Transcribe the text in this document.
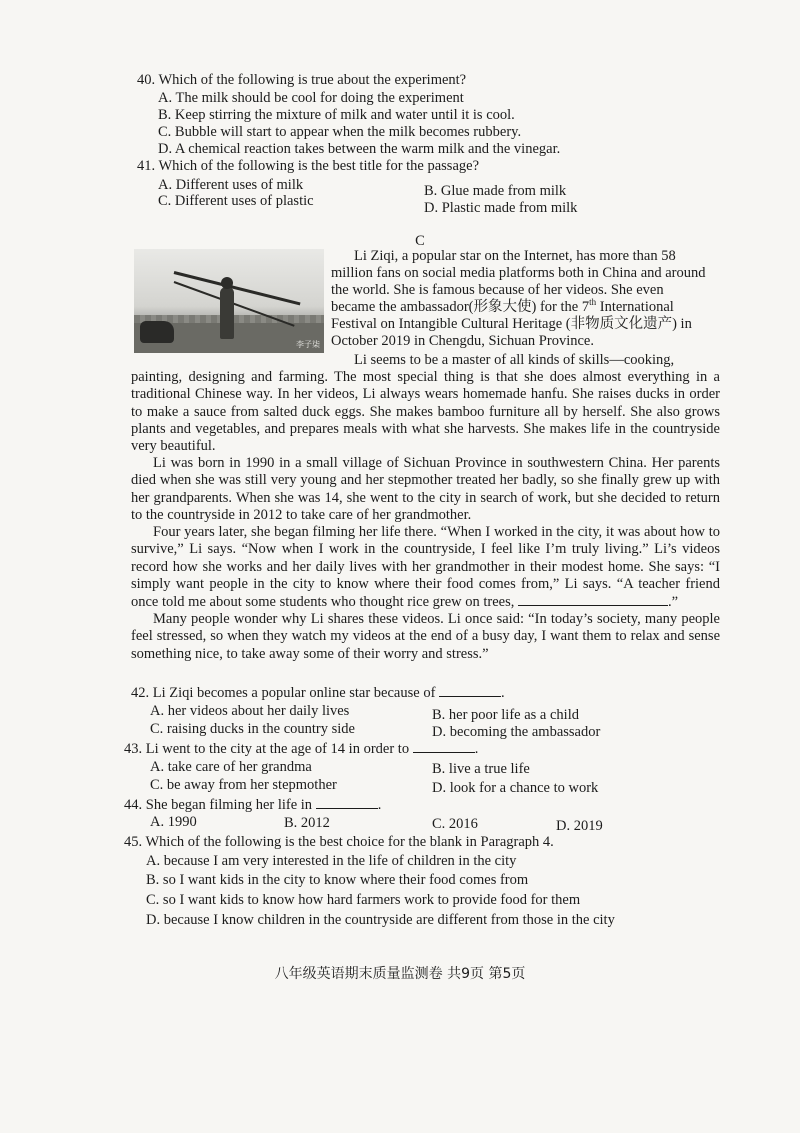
40. Which of the following is true about the experiment?
A. The milk should be cool for doing the experiment
B. Keep stirring the mixture of milk and water until it is cool.
C. Bubble will start to appear when the milk becomes rubbery.
D. A chemical reaction takes between the warm milk and the vinegar.
41. Which of the following is the best title for the passage?
A. Different uses of milk	B. Glue made from milk
C. Different uses of plastic	D. Plastic made from milk
C
李子柒
Li Ziqi, a popular star on the Internet, has more than 58
million fans on social media platforms both in China and around
the world. She is famous because of her videos. She even
became the ambassador(形象大使) for the 7th International
Festival on Intangible Cultural Heritage (非物质文化遗产) in
October 2019 in Chengdu, Sichuan Province.
Li seems to be a master of all kinds of skills—cooking,

painting, designing and farming. The most special thing is that she does almost everything in a traditional Chinese way. In her videos, Li always wears homemade hanfu. She raises ducks in order to make a sauce from salted duck eggs. She makes bamboo furniture all by herself. She also grows plants and vegetables, and prepares meals with what she harvests. She makes life in the countryside very beautiful.

Li was born in 1990 in a small village of Sichuan Province in southwestern China. Her parents died when she was still very young and her stepmother treated her badly, so she finally grew up with her grandparents. When she was 14, she went to the city in search of work, but she decided to return to the countryside in 2012 to take care of her grandmother.

Four years later, she began filming her life there. “When I worked in the city, it was about how to survive,” Li says. “Now when I work in the countryside, I feel like I’m truly living.” Li’s videos record how she works and her daily lives with her grandmother in their modest home. She says: “I simply want people in the city to know where their food comes from,” Li says. “A teacher friend once told me about some students who thought rice grew on trees,	.”

Many people wonder why Li shares these videos. Li once said: “In today’s society, many people feel stressed, so when they watch my videos at the end of a busy day, I want them to relax and sense something nice, to take away some of their worry and stress.”

42. Li Ziqi becomes a popular online star because of	.
A. her videos about her daily lives	B. her poor life as a child
C. raising ducks in the country side	D. becoming the ambassador
43. Li went to the city at the age of 14 in order to	.
A. take care of her grandma	B. live a true life
C. be away from her stepmother	D. look for a chance to work
44. She began filming her life in	.
A. 1990	B. 2012	C. 2016	D. 2019
45. Which of the following is the best choice for the blank in Paragraph 4.
A. because I am very interested in the life of children in the city
B. so I want kids in the city to know where their food comes from
C. so I want kids to know how hard farmers work to provide food for them
D. because I know children in the countryside are different from those in the city
八年级英语期末质量监测卷 共9页 第5页
